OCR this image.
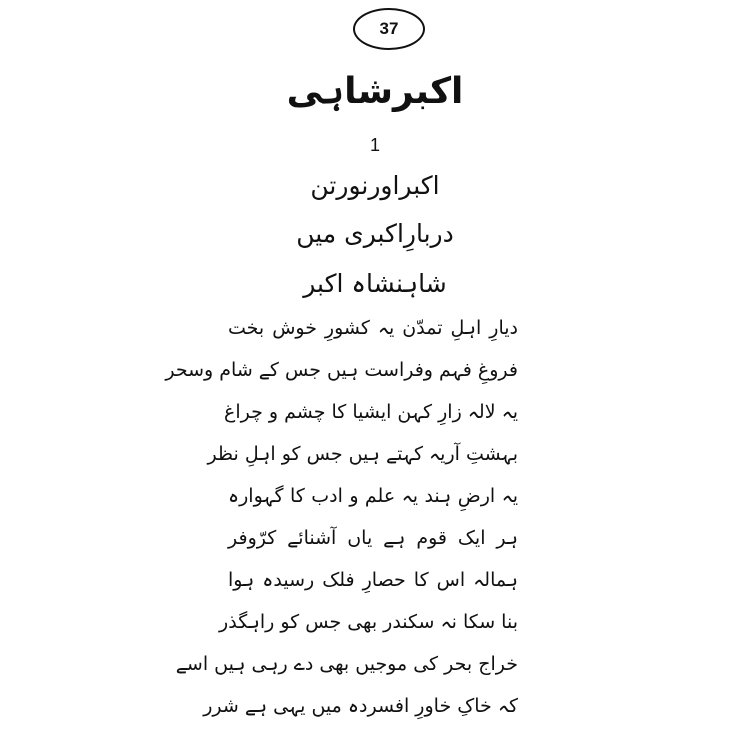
37
اکبرشاہی
1
اکبراورنورتن
دربارِاکبری میں
شاہنشاہ اکبر
دیارِ اہلِ تمدّن یہ کشورِ خوش بخت
فروغِ فہم وفراست ہیں جس کے شام وسحر
یہ لالہ زارِ کہن ایشیا کا چشم و چراغ
بہشتِ آریہ کہتے ہیں جس کو اہلِ نظر
یہ ارضِ ہند یہ علم و ادب کا گہوارہ
ہر ایک قوم ہے یاں آشنائے کرّوفر
ہمالہ اس کا حصارِ فلک رسیدہ ہوا
بنا سکا نہ سکندر بھی جس کو راہگذر
خراج بحر کی موجیں بھی دے رہی ہیں اسے
کہ خاکِ خاورِ افسردہ میں یہی ہے شرر
